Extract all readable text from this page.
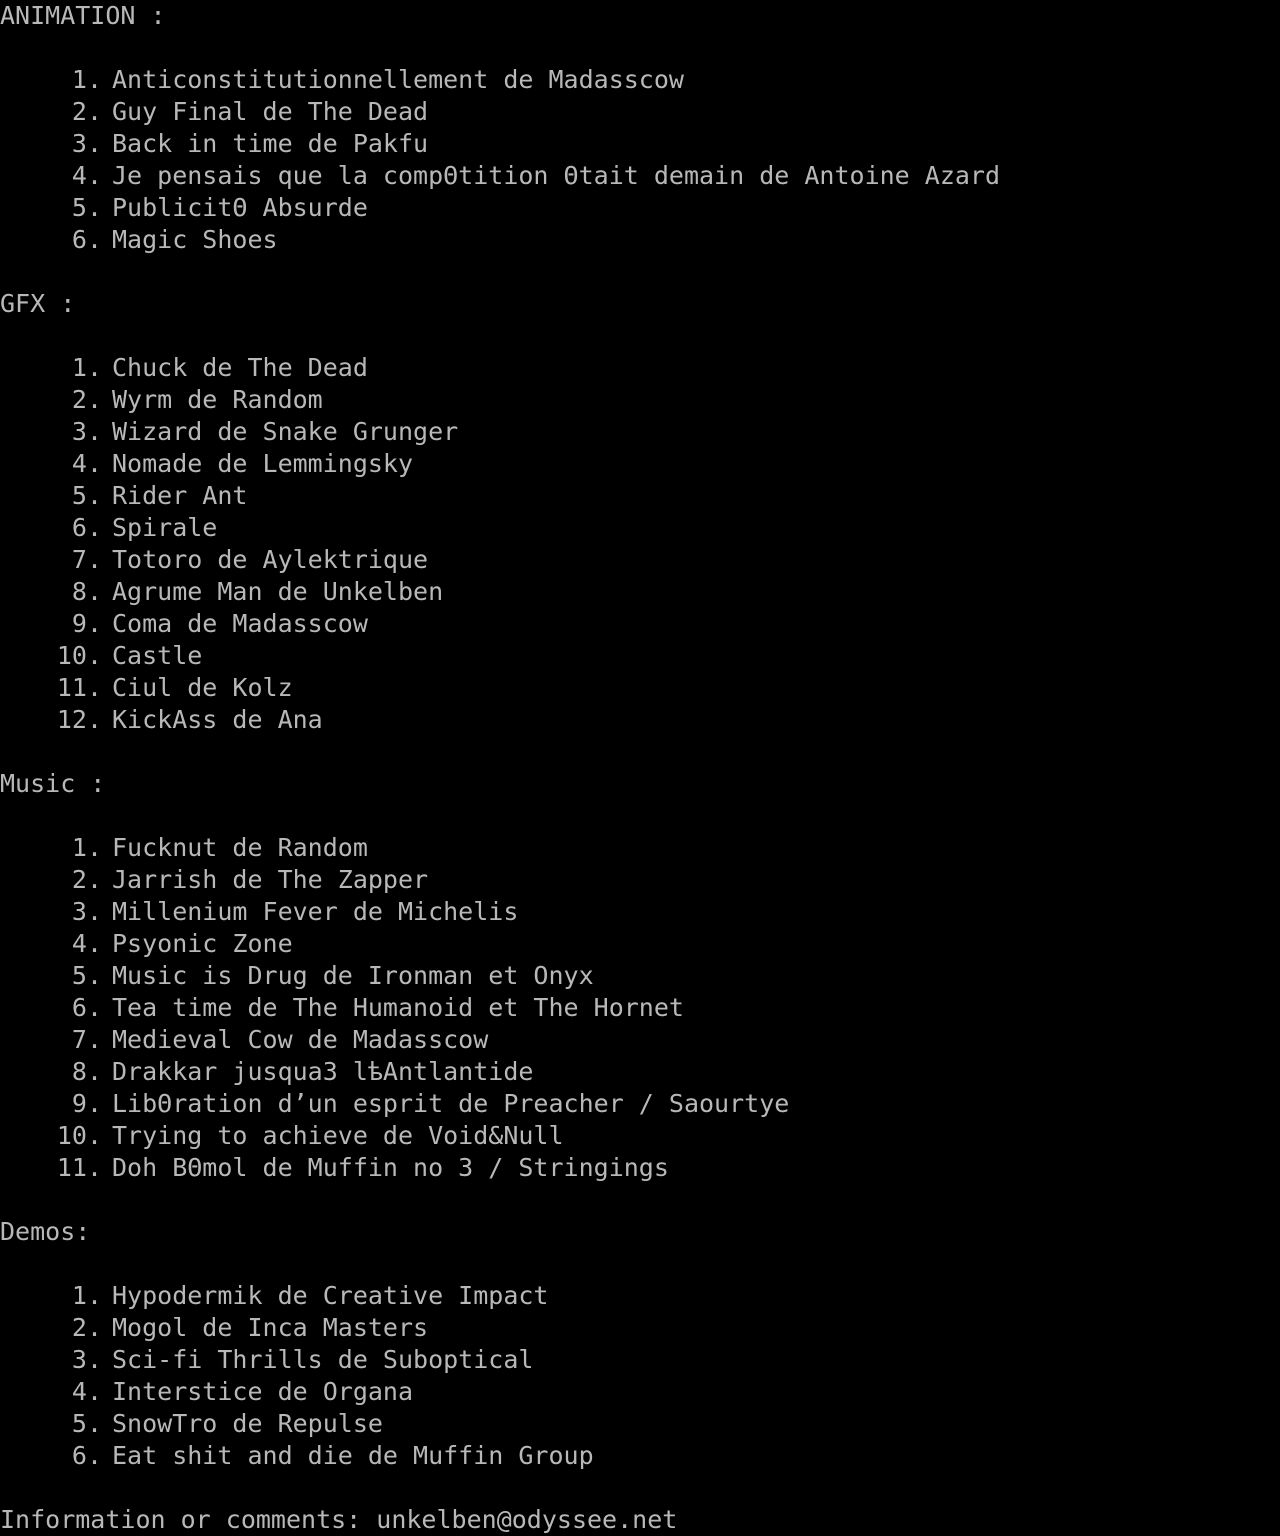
ANIMATION :
1. Anticonstitutionnellement de Madasscow
2. Guy Final de The Dead
3. Back in time de Pakfu
4. Je pensais que la compΘtition Θtait demain de Antoine Azard
5. PublicitΘ Absurde
6. Magic Shoes
GFX :
1. Chuck de The Dead
2. Wyrm de Random
3. Wizard de Snake Grunger
4. Nomade de Lemmingsky
5. Rider Ant
6. Spirale
7. Totoro de Aylektrique
8. Agrume Man de Unkelben
9. Coma de Madasscow
10. Castle
11. Ciul de Kolz
12. KickAss de Ana
Music :
1. Fucknut de Random
2. Jarrish de The Zapper
3. Millenium Fever de Michelis
4. Psyonic Zone
5. Music is Drug de Ironman et Onyx
6. Tea time de The Humanoid et The Hornet
7. Medieval Cow de Madasscow
8. Drakkar jusquа3 lѣAntlantide
9. LibΘration d’un esprit de Preacher / Saourtye
10. Trying to achieve de Void&Null
11. Doh BΘmol de Muffin no 3 / Stringings
Demos:
1. Hypodermik de Creative Impact
2. Mogol de Inca Masters
3. Sci-fi Thrills de Suboptical
4. Interstice de Organa
5. SnowTro de Repulse
6. Eat shit and die de Muffin Group
Information or comments: unkelben@odyssee.net
